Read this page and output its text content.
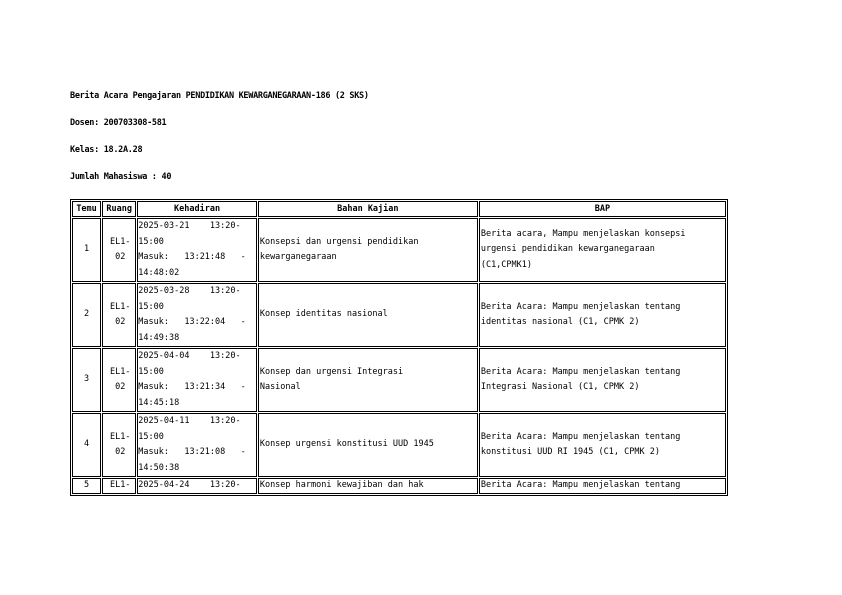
Berita Acara Pengajaran PENDIDIKAN KEWARGANEGARAAN-186 (2 SKS)
Dosen: 200703308-581
Kelas: 18.2A.28
Jumlah Mahasiswa : 40
Temu	Ruang	Kehadiran	Bahan Kajian	BAP
1	EL1-
02	2025-03-21    13:20-
15:00
Masuk:   13:21:48   -
14:48:02	Konsepsi dan urgensi pendidikan
kewarganegaraan	Berita acara, Mampu menjelaskan konsepsi
urgensi pendidikan kewarganegaraan
(C1,CPMK1)

2	EL1-
02	2025-03-28    13:20-
15:00
Masuk:   13:22:04   -
14:49:38	Konsep identitas nasional	Berita Acara: Mampu menjelaskan tentang
identitas nasional (C1, CPMK 2)

3	EL1-
02	2025-04-04    13:20-
15:00
Masuk:   13:21:34   -
14:45:18	Konsep dan urgensi Integrasi
Nasional	Berita Acara: Mampu menjelaskan tentang
Integrasi Nasional (C1, CPMK 2)

4	EL1-
02	2025-04-11    13:20-
15:00
Masuk:   13:21:08   -
14:50:38	Konsep urgensi konstitusi UUD 1945	Berita Acara: Mampu menjelaskan tentang
konstitusi UUD RI 1945 (C1, CPMK 2)

5	EL1-	2025-04-24    13:20-	Konsep harmoni kewajiban dan hak	Berita Acara: Mampu menjelaskan tentang
